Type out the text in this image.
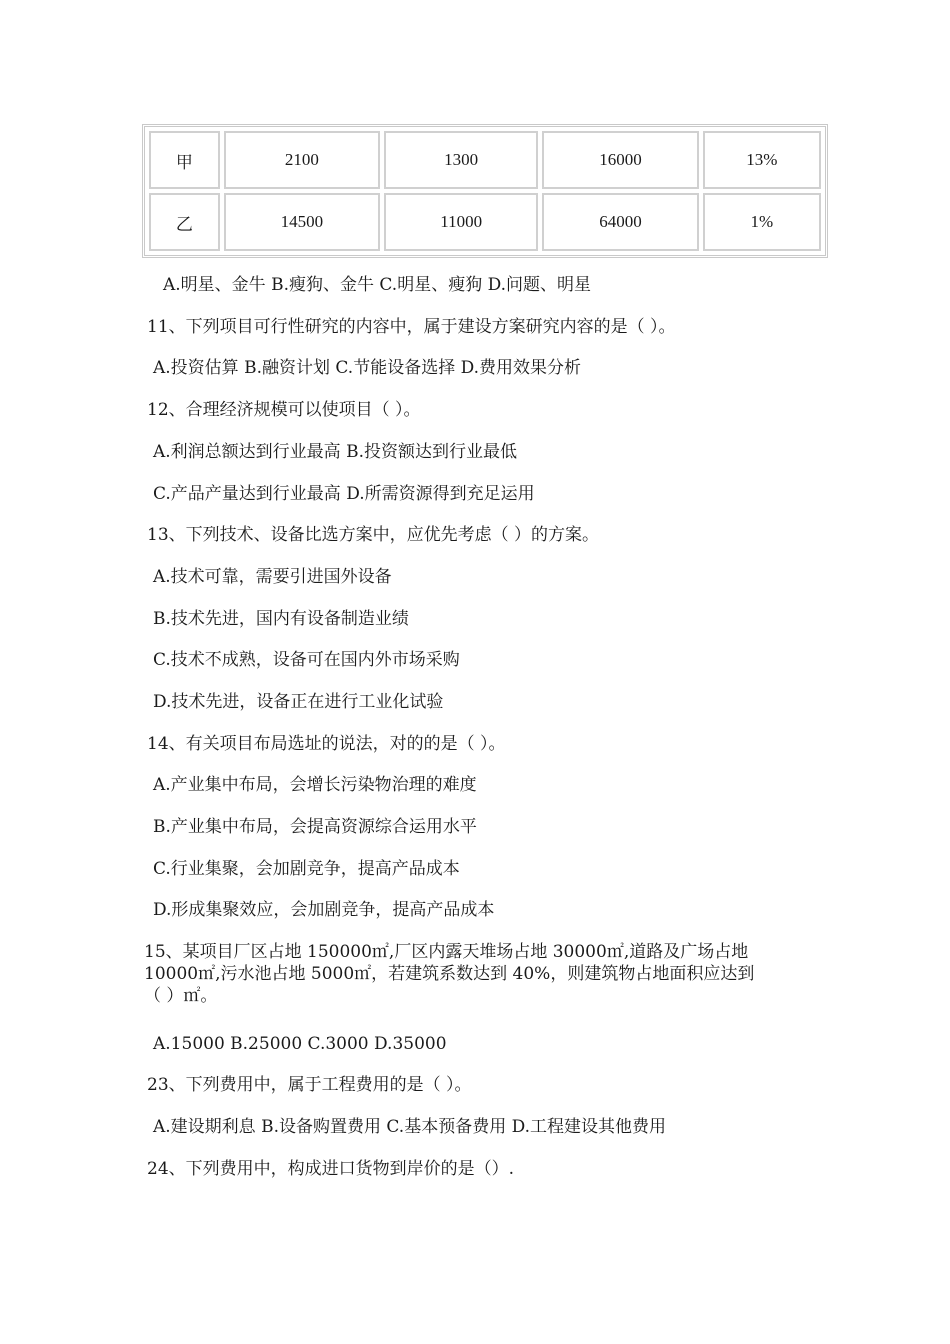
甲	2100	1300	16000	13%
乙	14500	11000	64000	1%
A.明星、金牛 B.瘦狗、金牛 C.明星、瘦狗 D.问题、明星
11、下列项目可行性研究的内容中，属于建设方案研究内容的是（ ）。
A.投资估算 B.融资计划 C.节能设备选择 D.费用效果分析
12、合理经济规模可以使项目（ ）。
A.利润总额达到行业最高 B.投资额达到行业最低
C.产品产量达到行业最高 D.所需资源得到充足运用
13、下列技术、设备比选方案中，应优先考虑（ ）的方案。
A.技术可靠，需要引进国外设备
B.技术先进，国内有设备制造业绩
C.技术不成熟，设备可在国内外市场采购
D.技术先进，设备正在进行工业化试验
14、有关项目布局选址的说法，对的的是（ ）。
A.产业集中布局，会增长污染物治理的难度
B.产业集中布局，会提高资源综合运用水平
C.行业集聚，会加剧竞争，提高产品成本
D.形成集聚效应，会加剧竞争，提高产品成本
15、某项目厂区占地 150000㎡,厂区内露天堆场占地 30000㎡,道路及广场占地
10000㎡,污水池占地 5000㎡，若建筑系数达到 40%，则建筑物占地面积应达到
（ ）㎡。
A.15000 B.25000 C.3000 D.35000
23、下列费用中，属于工程费用的是（ ）。
A.建设期利息 B.设备购置费用 C.基本预备费用 D.工程建设其他费用
24、下列费用中，构成进口货物到岸价的是（）.
